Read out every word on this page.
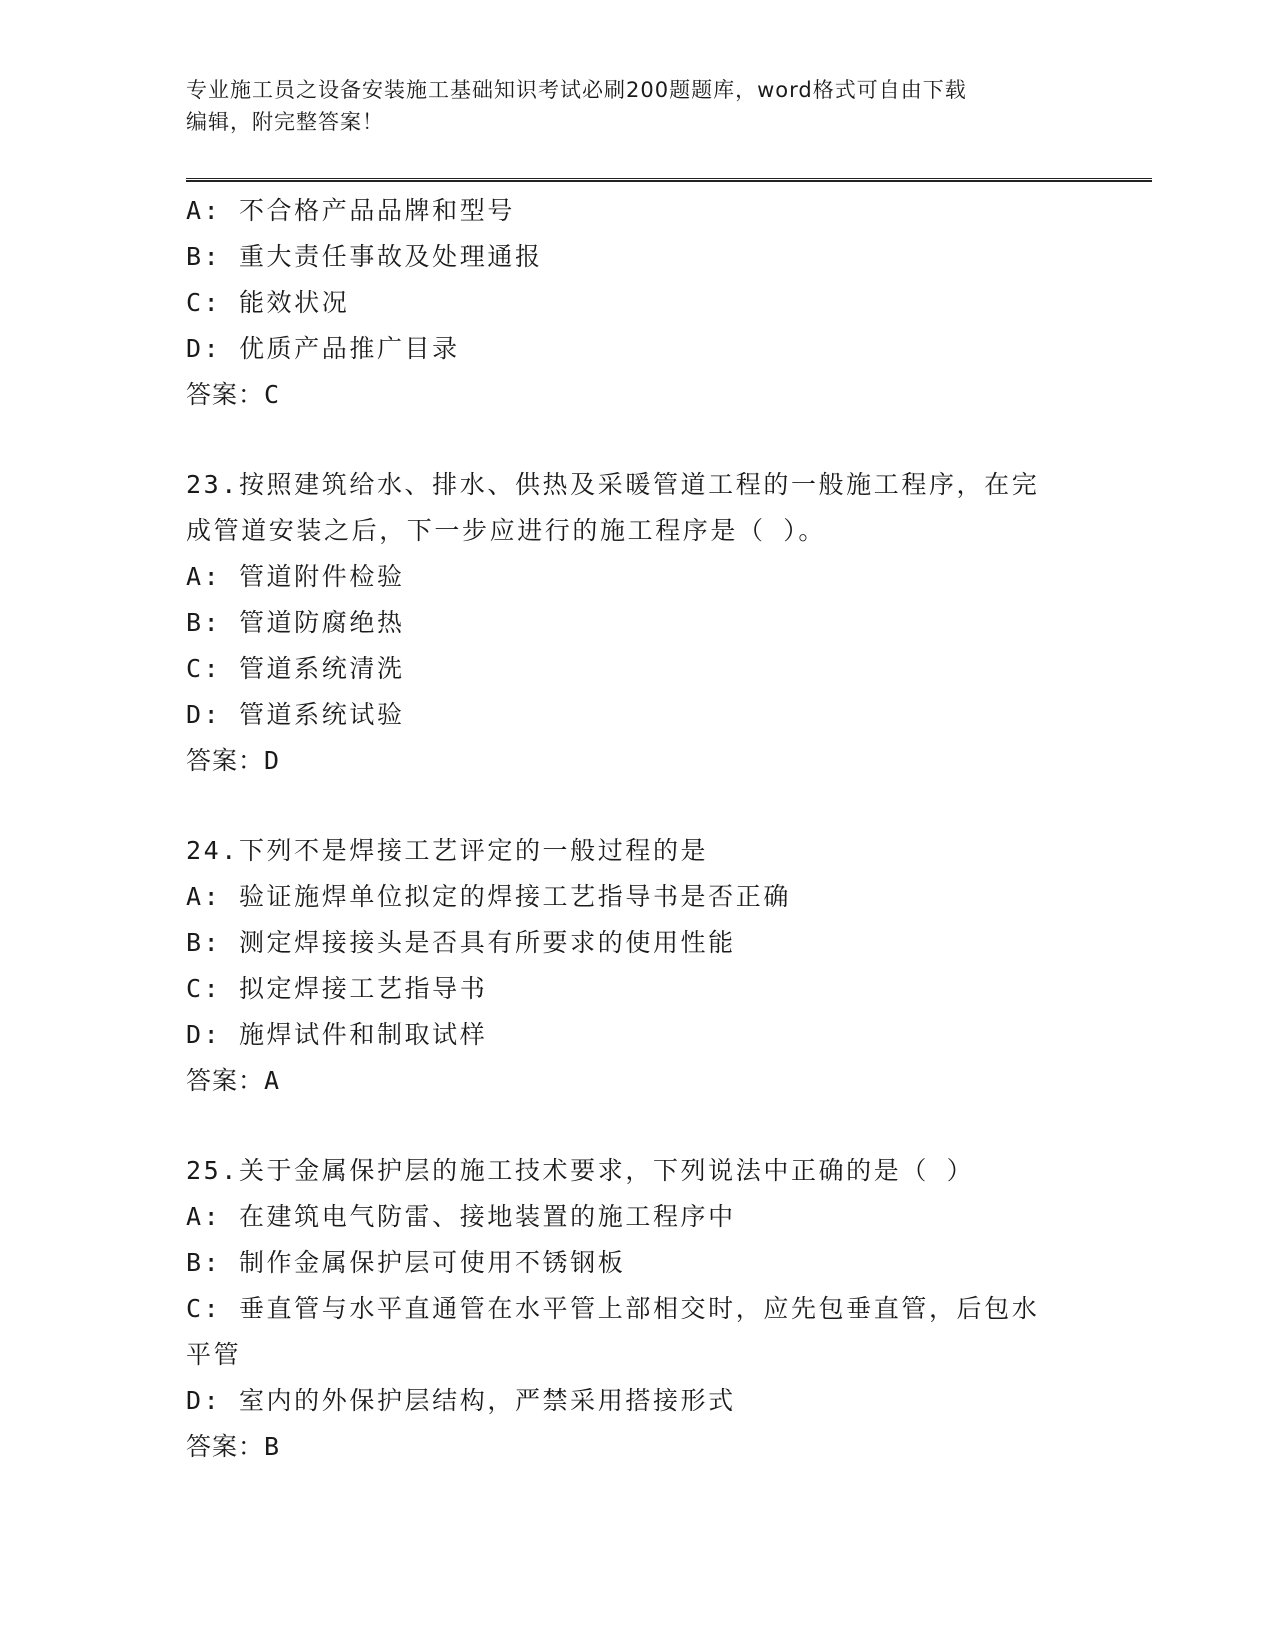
专业施工员之设备安装施工基础知识考试必刷200题题库，word格式可自由下载
编辑，附完整答案！
A: 不合格产品品牌和型号
B: 重大责任事故及处理通报
C: 能效状况
D: 优质产品推广目录
答案：C
23.按照建筑给水、排水、供热及采暖管道工程的一般施工程序，在完
成管道安装之后，下一步应进行的施工程序是（ ）。
A: 管道附件检验
B: 管道防腐绝热
C: 管道系统清洗
D: 管道系统试验
答案：D
24.下列不是焊接工艺评定的一般过程的是
A: 验证施焊单位拟定的焊接工艺指导书是否正确
B: 测定焊接接头是否具有所要求的使用性能
C: 拟定焊接工艺指导书
D: 施焊试件和制取试样
答案：A
25.关于金属保护层的施工技术要求，下列说法中正确的是（ ）
A: 在建筑电气防雷、接地装置的施工程序中
B: 制作金属保护层可使用不锈钢板
C: 垂直管与水平直通管在水平管上部相交时，应先包垂直管，后包水
平管
D: 室内的外保护层结构，严禁采用搭接形式
答案：B
